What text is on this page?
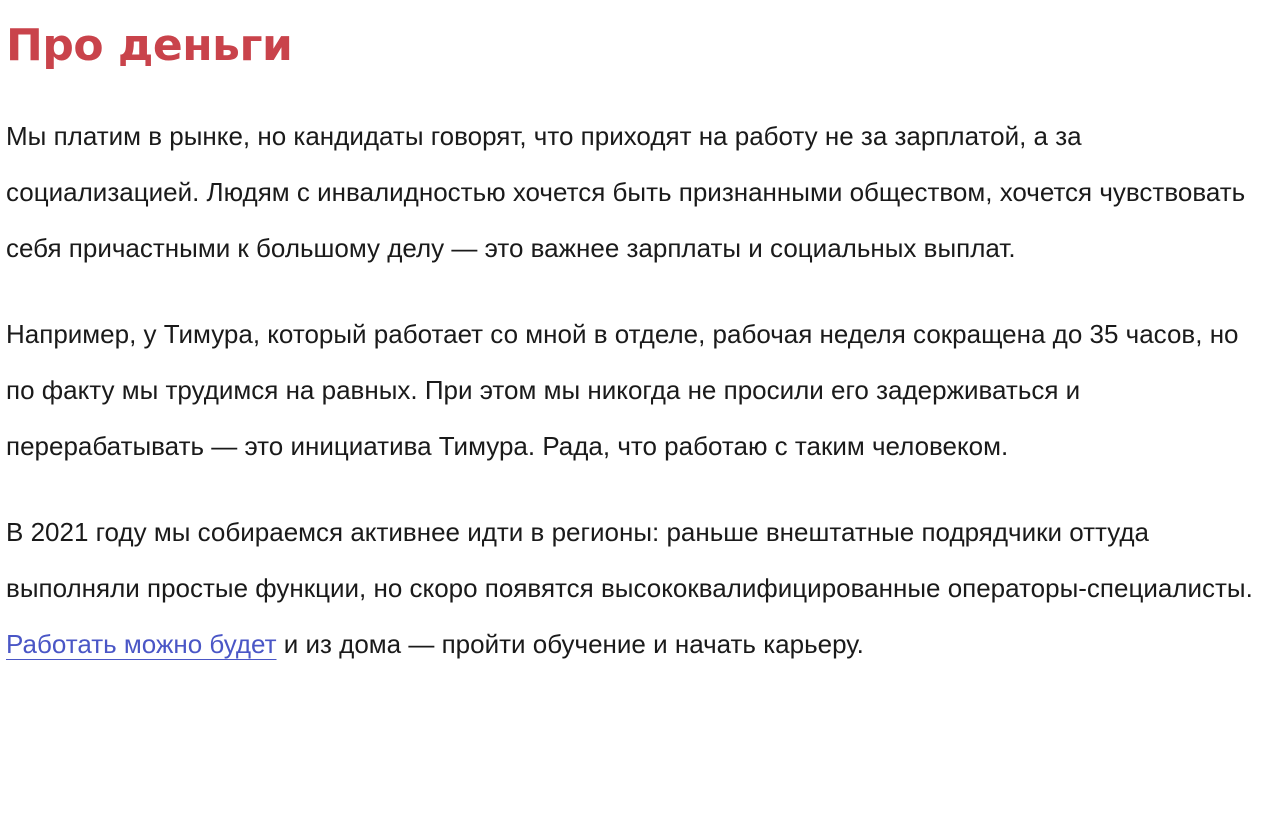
Про деньги

Мы платим в рынке, но кандидаты говорят, что приходят на работу не за зарплатой, а за социализацией. Людям с инвалидностью хочется быть признанными обществом, хочется чувствовать себя причастными к большому делу — это важнее зарплаты и социальных выплат.

Например, у Тимура, который работает со мной в отделе, рабочая неделя сокращена до 35 часов, но по факту мы трудимся на равных. При этом мы никогда не просили его задерживаться и перерабатывать — это инициатива Тимура. Рада, что работаю с таким человеком.

В 2021 году мы собираемся активнее идти в регионы: раньше внештатные подрядчики оттуда выполняли простые функции, но скоро появятся высококвалифицированные операторы-специалисты. Работать можно будет и из дома — пройти обучение и начать карьеру.
